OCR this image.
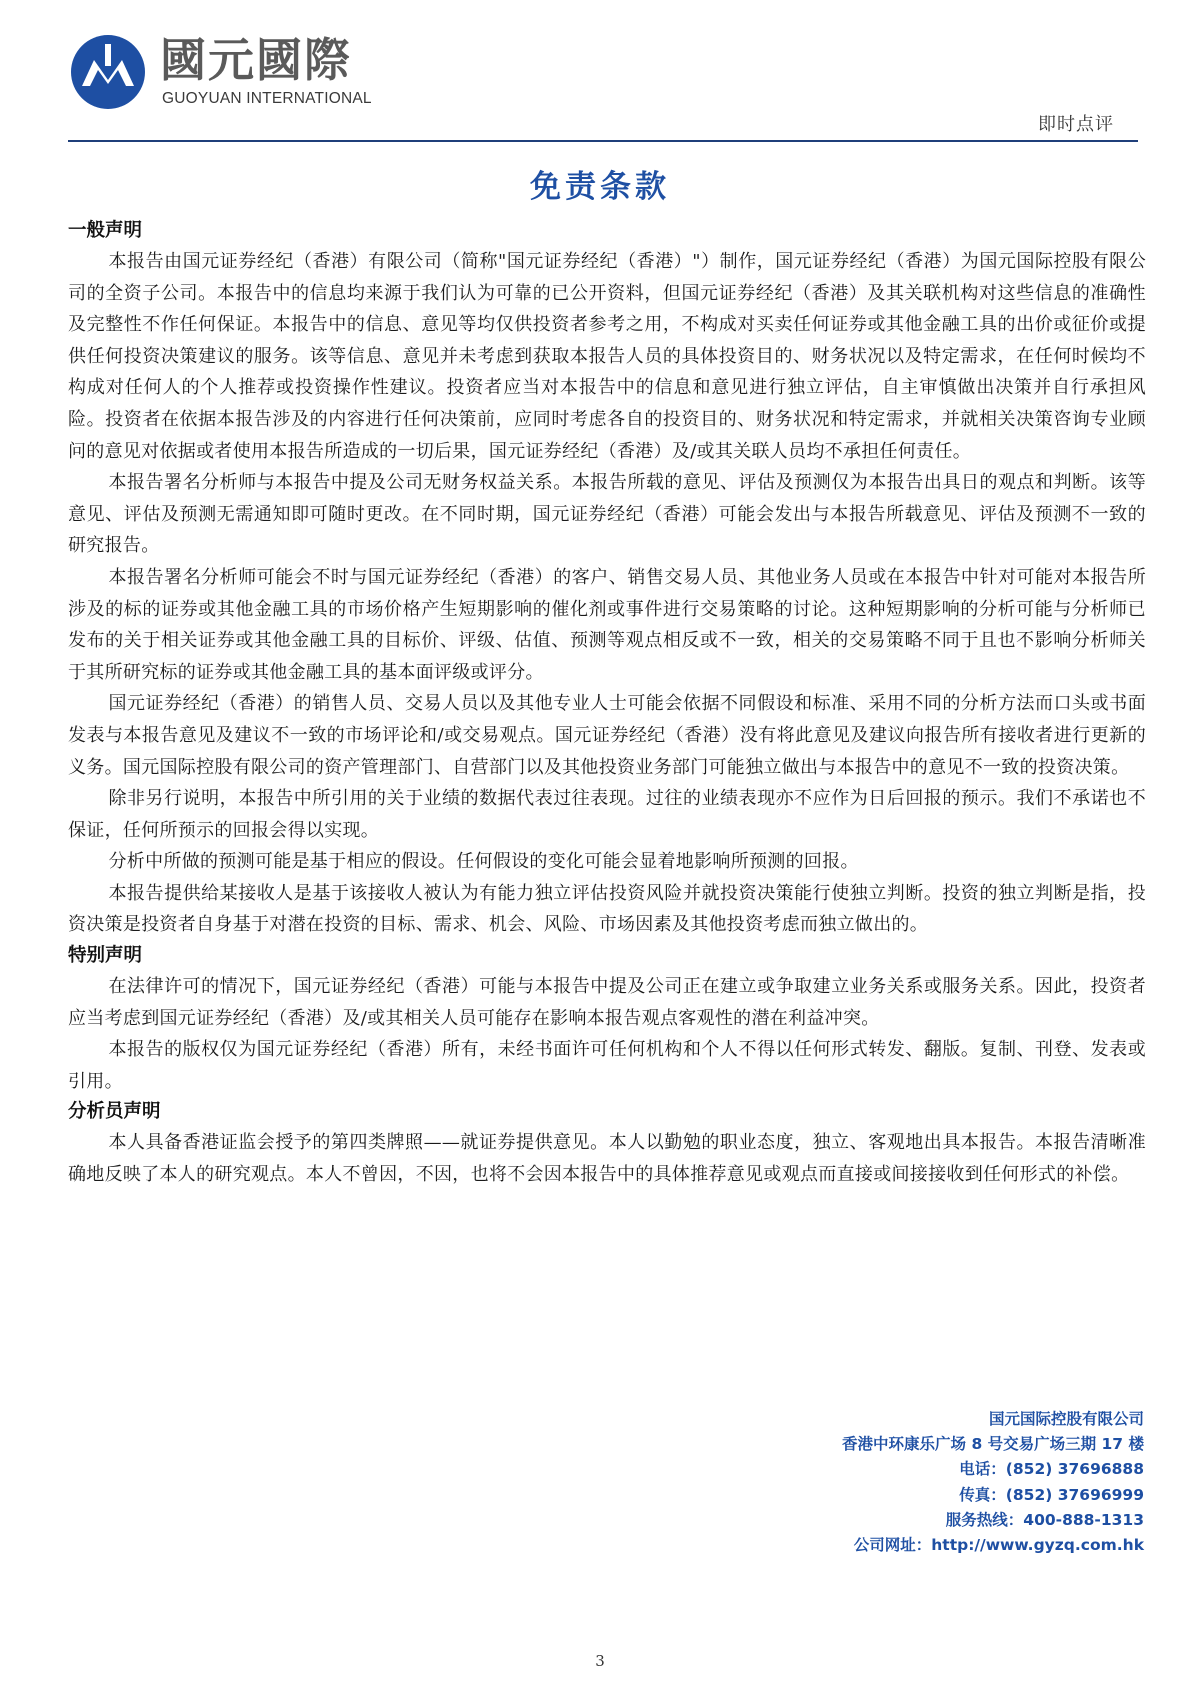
國元國際
GUOYUAN INTERNATIONAL
即时点评
免责条款

一般声明

本报告由国元证券经纪（香港）有限公司（简称"国元证券经纪（香港）"）制作，国元证券经纪（香港）为国元国际控股有限公司的全资子公司。本报告中的信息均来源于我们认为可靠的已公开资料，但国元证券经纪（香港）及其关联机构对这些信息的准确性及完整性不作任何保证。本报告中的信息、意见等均仅供投资者参考之用，不构成对买卖任何证券或其他金融工具的出价或征价或提供任何投资决策建议的服务。该等信息、意见并未考虑到获取本报告人员的具体投资目的、财务状况以及特定需求，在任何时候均不构成对任何人的个人推荐或投资操作性建议。投资者应当对本报告中的信息和意见进行独立评估，自主审慎做出决策并自行承担风险。投资者在依据本报告涉及的内容进行任何决策前，应同时考虑各自的投资目的、财务状况和特定需求，并就相关决策咨询专业顾问的意见对依据或者使用本报告所造成的一切后果，国元证券经纪（香港）及/或其关联人员均不承担任何责任。

本报告署名分析师与本报告中提及公司无财务权益关系。本报告所载的意见、评估及预测仅为本报告出具日的观点和判断。该等意见、评估及预测无需通知即可随时更改。在不同时期，国元证券经纪（香港）可能会发出与本报告所载意见、评估及预测不一致的研究报告。

本报告署名分析师可能会不时与国元证券经纪（香港）的客户、销售交易人员、其他业务人员或在本报告中针对可能对本报告所涉及的标的证券或其他金融工具的市场价格产生短期影响的催化剂或事件进行交易策略的讨论。这种短期影响的分析可能与分析师已发布的关于相关证券或其他金融工具的目标价、评级、估值、预测等观点相反或不一致，相关的交易策略不同于且也不影响分析师关于其所研究标的证券或其他金融工具的基本面评级或评分。

国元证券经纪（香港）的销售人员、交易人员以及其他专业人士可能会依据不同假设和标准、采用不同的分析方法而口头或书面发表与本报告意见及建议不一致的市场评论和/或交易观点。国元证券经纪（香港）没有将此意见及建议向报告所有接收者进行更新的义务。国元国际控股有限公司的资产管理部门、自营部门以及其他投资业务部门可能独立做出与本报告中的意见不一致的投资决策。

除非另行说明，本报告中所引用的关于业绩的数据代表过往表现。过往的业绩表现亦不应作为日后回报的预示。我们不承诺也不保证，任何所预示的回报会得以实现。

分析中所做的预测可能是基于相应的假设。任何假设的变化可能会显着地影响所预测的回报。

本报告提供给某接收人是基于该接收人被认为有能力独立评估投资风险并就投资决策能行使独立判断。投资的独立判断是指，投资决策是投资者自身基于对潜在投资的目标、需求、机会、风险、市场因素及其他投资考虑而独立做出的。

特别声明

在法律许可的情况下，国元证券经纪（香港）可能与本报告中提及公司正在建立或争取建立业务关系或服务关系。因此，投资者应当考虑到国元证券经纪（香港）及/或其相关人员可能存在影响本报告观点客观性的潜在利益冲突。

本报告的版权仅为国元证券经纪（香港）所有，未经书面许可任何机构和个人不得以任何形式转发、翻版。复制、刊登、发表或引用。

分析员声明

本人具备香港证监会授予的第四类牌照——就证券提供意见。本人以勤勉的职业态度，独立、客观地出具本报告。本报告清晰准确地反映了本人的研究观点。本人不曾因，不因，也将不会因本报告中的具体推荐意见或观点而直接或间接接收到任何形式的补偿。

国元国际控股有限公司
香港中环康乐广场 8 号交易广场三期 17 楼
电话：(852) 37696888
传真：(852) 37696999
服务热线：400-888-1313
公司网址：http://www.gyzq.com.hk
3
